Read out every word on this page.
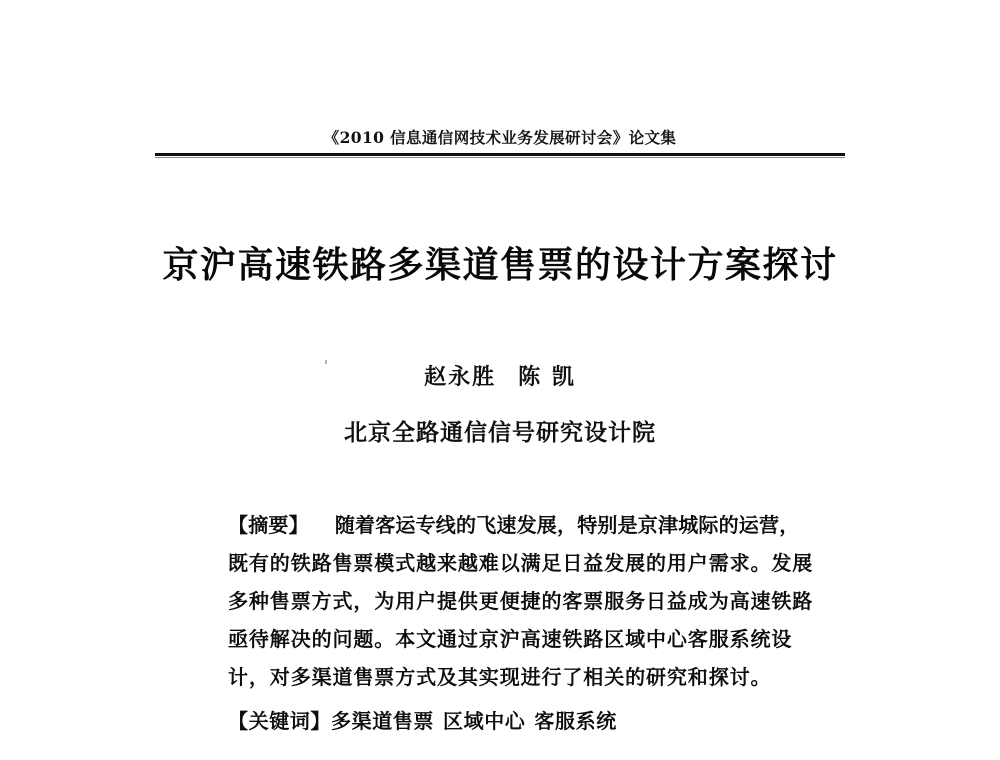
《2010 信息通信网技术业务发展研讨会》论文集
京沪高速铁路多渠道售票的设计方案探讨
赵永胜 陈 凯
北京全路通信信号研究设计院
【摘要】 随着客运专线的飞速发展，特别是京津城际的运营，
既有的铁路售票模式越来越难以满足日益发展的用户需求。发展
多种售票方式，为用户提供更便捷的客票服务日益成为高速铁路
亟待解决的问题。本文通过京沪高速铁路区域中心客服系统设
计，对多渠道售票方式及其实现进行了相关的研究和探讨。
【关键词】多渠道售票 区域中心 客服系统
